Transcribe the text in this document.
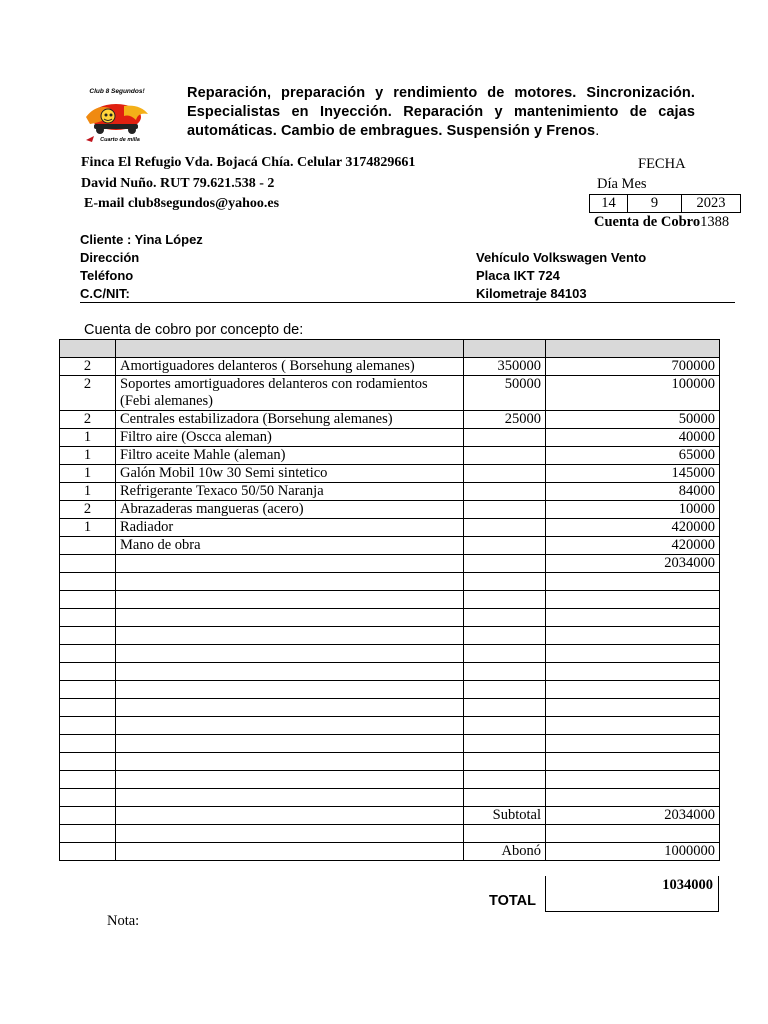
Club 8 Segundos!
Cuarto de milla
Reparación, preparación y rendimiento de motores. Sincronización. Especialistas en Inyección. Reparación y mantenimiento de cajas automáticas. Cambio de embragues. Suspensión y Frenos.
Finca El Refugio Vda. Bojacá Chía. Celular 3174829661
David Nuño. RUT 79.621.538 - 2
E-mail club8segundos@yahoo.es
FECHA
Día Mes
14	9	2023
Cuenta de Cobro1388
Cliente : Yina López
Dirección
Teléfono
C.C/NIT:
Vehículo Volkswagen Vento
Placa IKT 724
Kilometraje 84103
Cuenta de cobro por concepto de:

2	Amortiguadores delanteros ( Borsehung alemanes)	350000	700000
2	Soportes amortiguadores delanteros con rodamientos (Febi alemanes)	50000	100000
2	Centrales estabilizadora (Borsehung alemanes)	25000	50000
1	Filtro aire (Oscca aleman)		40000
1	Filtro aceite Mahle (aleman)		65000
1	Galón Mobil 10w 30 Semi sintetico		145000
1	Refrigerante Texaco 50/50 Naranja		84000
2	Abrazaderas mangueras (acero)		10000
1	Radiador		420000
	Mano de obra		420000
			2034000

		Subtotal	2034000

		Abonó	1000000
TOTAL
1034000
Nota:
